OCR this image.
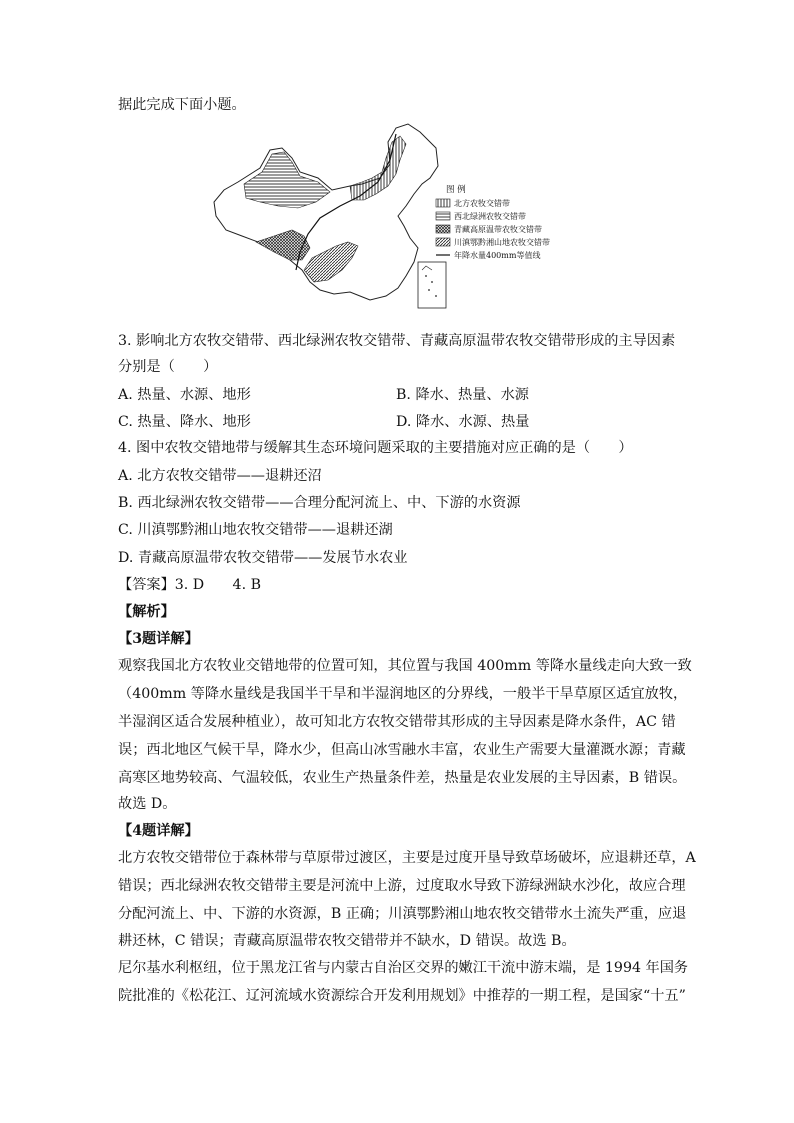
据此完成下面小题。
图 例
北方农牧交错带
西北绿洲农牧交错带
青藏高原温带农牧交错带
川滇鄂黔湘山地农牧交错带
年降水量400mm等值线
3. 影响北方农牧交错带、西北绿洲农牧交错带、青藏高原温带农牧交错带形成的主导因素
分别是（　　）
A. 热量、水源、地形	B. 降水、热量、水源
C. 热量、降水、地形	D. 降水、水源、热量
4. 图中农牧交错地带与缓解其生态环境问题采取的主要措施对应正确的是（　　）
A. 北方农牧交错带——退耕还沼
B. 西北绿洲农牧交错带——合理分配河流上、中、下游的水资源
C. 川滇鄂黔湘山地农牧交错带——退耕还湖
D. 青藏高原温带农牧交错带——发展节水农业
【答案】3. D　　4. B
【解析】
【3题详解】
观察我国北方农牧业交错地带的位置可知，其位置与我国 400mm 等降水量线走向大致一致
（400mm 等降水量线是我国半干旱和半湿润地区的分界线，一般半干旱草原区适宜放牧，
半湿润区适合发展种植业），故可知北方农牧交错带其形成的主导因素是降水条件，AC 错
误；西北地区气候干旱，降水少，但高山冰雪融水丰富，农业生产需要大量灌溉水源；青藏
高寒区地势较高、气温较低，农业生产热量条件差，热量是农业发展的主导因素，B 错误。
故选 D。
【4题详解】
北方农牧交错带位于森林带与草原带过渡区，主要是过度开垦导致草场破坏，应退耕还草，A
错误；西北绿洲农牧交错带主要是河流中上游，过度取水导致下游绿洲缺水沙化，故应合理
分配河流上、中、下游的水资源，B 正确；川滇鄂黔湘山地农牧交错带水土流失严重，应退
耕还林，C 错误；青藏高原温带农牧交错带并不缺水，D 错误。故选 B。
尼尔基水利枢纽，位于黑龙江省与内蒙古自治区交界的嫩江干流中游末端，是 1994 年国务
院批准的《松花江、辽河流域水资源综合开发利用规划》中推荐的一期工程，是国家“十五”
